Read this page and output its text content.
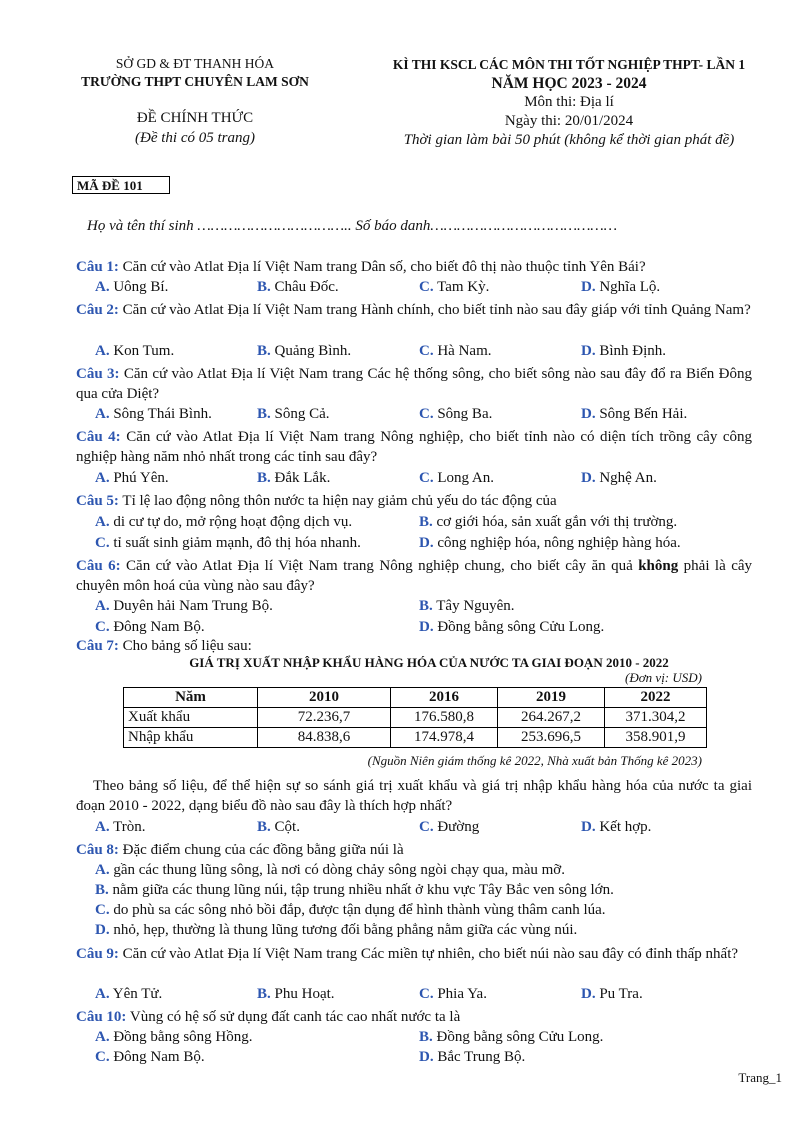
SỞ GD & ĐT THANH HÓA
TRƯỜNG THPT CHUYÊN LAM SƠN
ĐỀ CHÍNH THỨC
(Đề thi có 05 trang)
KÌ THI KSCL CÁC MÔN THI TỐT NGHIỆP THPT- LẦN 1
NĂM HỌC 2023 - 2024
Môn thi: Địa lí
Ngày thi: 20/01/2024
Thời gian làm bài 50 phút (không kể thời gian phát đề)
MÃ ĐỀ 101
Họ và tên thí sinh …………………………….. Số báo danh……………………………………
Câu 1: Căn cứ vào Atlat Địa lí Việt Nam trang Dân số, cho biết đô thị nào thuộc tỉnh Yên Bái?
A. Uông Bí.	B. Châu Đốc.	C. Tam Kỳ.	D. Nghĩa Lộ.
Câu 2: Căn cứ vào Atlat Địa lí Việt Nam trang Hành chính, cho biết tỉnh nào sau đây giáp với tỉnh Quảng Nam?
A. Kon Tum.	B. Quảng Bình.	C. Hà Nam.	D. Bình Định.
Câu 3: Căn cứ vào Atlat Địa lí Việt Nam trang Các hệ thống sông, cho biết sông nào sau đây đổ ra Biển Đông qua cửa Diệt?
A. Sông Thái Bình.	B. Sông Cả.	C. Sông Ba.	D. Sông Bến Hải.
Câu 4: Căn cứ vào Atlat Địa lí Việt Nam trang Nông nghiệp, cho biết tỉnh nào có diện tích trồng cây công nghiệp hàng năm nhỏ nhất trong các tỉnh sau đây?
A. Phú Yên.	B. Đắk Lắk.	C. Long An.	D. Nghệ An.
Câu 5: Tỉ lệ lao động nông thôn nước ta hiện nay giảm chủ yếu do tác động của
A. di cư tự do, mở rộng hoạt động dịch vụ.	B. cơ giới hóa, sản xuất gắn với thị trường.
C. tỉ suất sinh giảm mạnh, đô thị hóa nhanh.	D. công nghiệp hóa, nông nghiệp hàng hóa.
Câu 6: Căn cứ vào Atlat Địa lí Việt Nam trang Nông nghiệp chung, cho biết cây ăn quả không phải là cây chuyên môn hoá của vùng nào sau đây?
A. Duyên hải Nam Trung Bộ.	B. Tây Nguyên.
C. Đông Nam Bộ.	D. Đồng bằng sông Cửu Long.
Câu 7: Cho bảng số liệu sau:
GIÁ TRỊ XUẤT NHẬP KHẨU HÀNG HÓA CỦA NƯỚC TA GIAI ĐOẠN 2010 - 2022
(Đơn vị: USD)
Năm	2010	2016	2019	2022
Xuất khẩu	72.236,7	176.580,8	264.267,2	371.304,2
Nhập khẩu	84.838,6	174.978,4	253.696,5	358.901,9
(Nguồn Niên giám thống kê 2022, Nhà xuất bản Thống kê 2023)
Theo bảng số liệu, để thể hiện sự so sánh giá trị xuất khẩu và giá trị nhập khẩu hàng hóa của nước ta giai đoạn 2010 - 2022, dạng biểu đồ nào sau đây là thích hợp nhất?
A. Tròn.	B. Cột.	C. Đường	D. Kết hợp.
Câu 8: Đặc điểm chung của các đồng bằng giữa núi là
A. gần các thung lũng sông, là nơi có dòng chảy sông ngòi chạy qua, màu mỡ.
B. nằm giữa các thung lũng núi, tập trung nhiều nhất ở khu vực Tây Bắc ven sông lớn.
C. do phù sa các sông nhỏ bồi đắp, được tận dụng để hình thành vùng thâm canh lúa.
D. nhỏ, hẹp, thường là thung lũng tương đối bằng phẳng nằm giữa các vùng núi.
Câu 9: Căn cứ vào Atlat Địa lí Việt Nam trang Các miền tự nhiên, cho biết núi nào sau đây có đỉnh thấp nhất?
A. Yên Tử.	B. Phu Hoạt.	C. Phia Ya.	D. Pu Tra.
Câu 10: Vùng có hệ số sử dụng đất canh tác cao nhất nước ta là
A. Đồng bằng sông Hồng.	B. Đồng bằng sông Cửu Long.
C. Đông Nam Bộ.	D. Bắc Trung Bộ.
Trang_1
